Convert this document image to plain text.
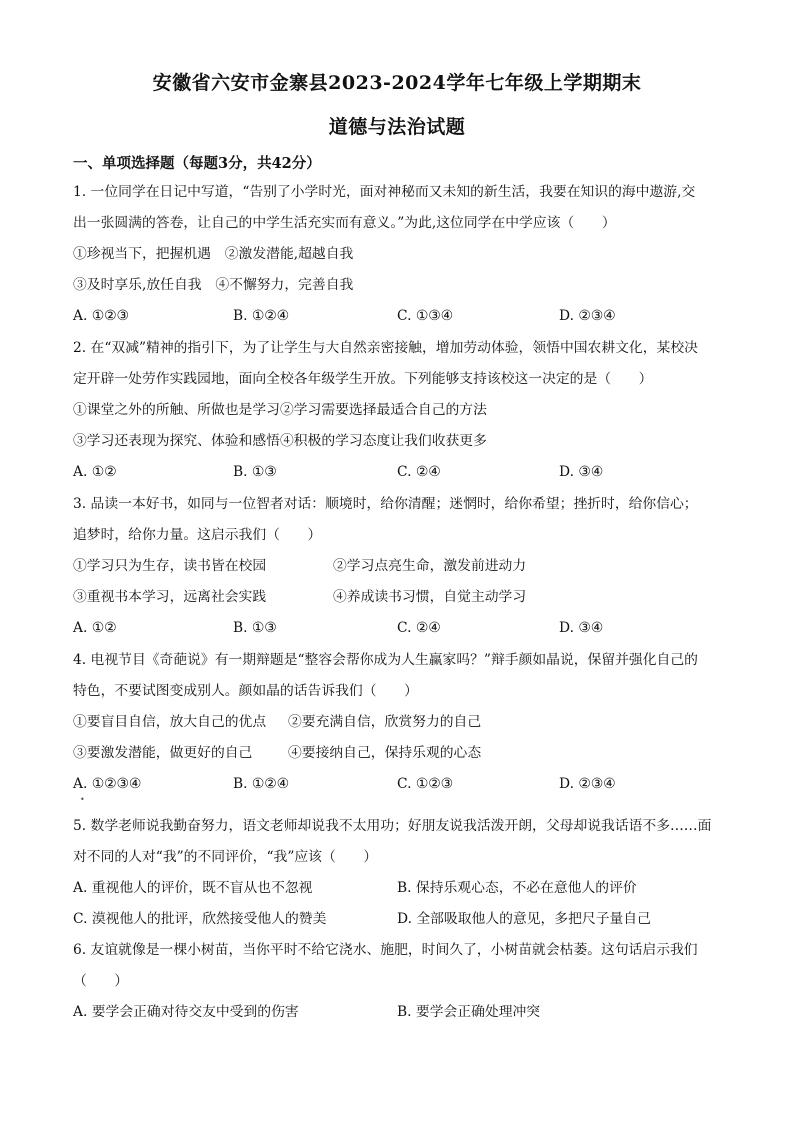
安徽省六安市金寨县2023-2024学年七年级上学期期末
道德与法治试题
一、单项选择题（每题3分，共42分）
1. 一位同学在日记中写道，“告别了小学时光，面对神秘而又未知的新生活，我要在知识的海中遨游,交
出一张圆满的答卷，让自己的中学生活充实而有意义。”为此,这位同学在中学应该（　　）
①珍视当下，把握机遇　②激发潜能,超越自我
③及时享乐,放任自我　④不懈努力，完善自我
A. ①②③	B. ①②④	C. ①③④	D. ②③④
2. 在“双减”精神的指引下，为了让学生与大自然亲密接触，增加劳动体验，领悟中国农耕文化，某校决
定开辟一处劳作实践园地，面向全校各年级学生开放。下列能够支持该校这一决定的是（　　）
①课堂之外的所触、所做也是学习②学习需要选择最适合自己的方法
③学习还表现为探究、体验和感悟④积极的学习态度让我们收获更多
A. ①②	B. ①③	C. ②④	D. ③④
3. 品读一本好书，如同与一位智者对话：顺境时，给你清醒；迷惘时，给你希望；挫折时，给你信心；
追梦时，给你力量。这启示我们（　　）
①学习只为生存，读书皆在校园	②学习点亮生命，激发前进动力
③重视书本学习，远离社会实践	④养成读书习惯，自觉主动学习
A. ①②	B. ①③	C. ②④	D. ③④
4. 电视节目《奇葩说》有一期辩题是“整容会帮你成为人生赢家吗？”辩手颜如晶说，保留并强化自己的
特色，不要试图变成别人。颜如晶的话告诉我们（　　）
①要盲目自信，放大自己的优点 ②要充满自信，欣赏努力的自己
③要激发潜能，做更好的自己	④要接纳自己，保持乐观的心态
A. ①②③④	B. ①②④	C. ①②③	D. ②③④
•
5. 数学老师说我勤奋努力，语文老师却说我不太用功；好朋友说我活泼开朗，父母却说我话语不多……面
对不同的人对“我”的不同评价，“我”应该（　　）
A. 重视他人的评价，既不盲从也不忽视	B. 保持乐观心态，不必在意他人的评价
C. 漠视他人的批评，欣然接受他人的赞美	D. 全部吸取他人的意见，多把尺子量自己
6. 友谊就像是一棵小树苗，当你平时不给它浇水、施肥，时间久了，小树苗就会枯萎。这句话启示我们
（　　）
A. 要学会正确对待交友中受到的伤害	B. 要学会正确处理冲突
